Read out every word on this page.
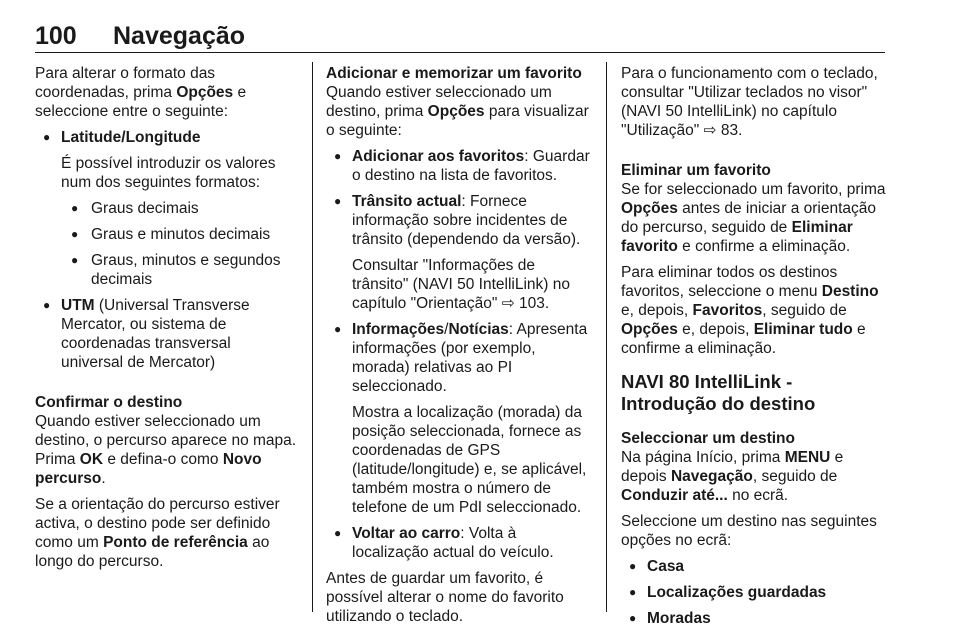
100 Navegação

Para alterar o formato das coordenadas, prima Opções e seleccione entre o seguinte:

● Latitude/Longitude

É possível introduzir os valores num dos seguintes formatos:

● Graus decimais
● Graus e minutos decimais
● Graus, minutos e segundos decimais
● UTM (Universal Transverse Mercator, ou sistema de coordenadas transversal universal de Mercator)

Confirmar o destino

Quando estiver seleccionado um destino, o percurso aparece no mapa. Prima OK e defina-o como Novo percurso.

Se a orientação do percurso estiver activa, o destino pode ser definido como um Ponto de referência ao longo do percurso.

Adicionar e memorizar um favorito

Quando estiver seleccionado um destino, prima Opções para visualizar o seguinte:

● Adicionar aos favoritos: Guardar o destino na lista de favoritos.
● Trânsito actual: Fornece informação sobre incidentes de trânsito (dependendo da versão).

Consultar "Informações de trânsito" (NAVI 50 IntelliLink) no capítulo "Orientação" ⇨ 103.

● Informações/Notícias: Apresenta informações (por exemplo, morada) relativas ao PI seleccionado.

Mostra a localização (morada) da posição seleccionada, fornece as coordenadas de GPS (latitude/longitude) e, se aplicável, também mostra o número de telefone de um PdI seleccionado.

● Voltar ao carro: Volta à localização actual do veículo.

Antes de guardar um favorito, é possível alterar o nome do favorito utilizando o teclado.

Para o funcionamento com o teclado, consultar "Utilizar teclados no visor" (NAVI 50 IntelliLink) no capítulo "Utilização" ⇨ 83.

Eliminar um favorito

Se for seleccionado um favorito, prima Opções antes de iniciar a orientação do percurso, seguido de Eliminar favorito e confirme a eliminação.

Para eliminar todos os destinos favoritos, seleccione o menu Destino e, depois, Favoritos, seguido de Opções e, depois, Eliminar tudo e confirme a eliminação.

NAVI 80 IntelliLink - Introdução do destino

Seleccionar um destino

Na página Início, prima MENU e depois Navegação, seguido de Conduzir até... no ecrã.

Seleccione um destino nas seguintes opções no ecrã:

● Casa
● Localizações guardadas
● Moradas
